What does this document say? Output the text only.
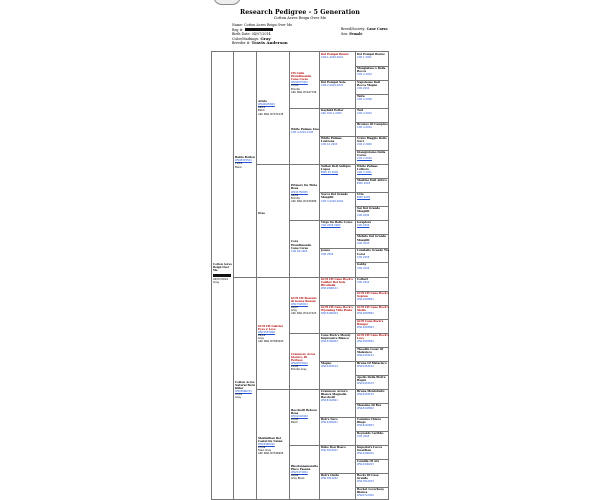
Research Pedigree - 5 Generation
Cotton Acres Reign Over Me
Name: Cotton Acres Reign Over Me
Reg #:
Birth Date: 04/07/2014
Color/Markings: Gray
Breeder #: Travis Anderson
Breed/Society: Cane Corso
Sex: Female
Cotton Acres Reign Over Me
04/07/2014
Gray
Baldo Rotten
WS48315501
11/16
Black
Cotton Acres Natural Born Killer
WS43866701
07/01
Gray
Aristo
WS40625603
06/10
Black
AKC DNA #V571045
Orso
GCH CH Gabriel Eyes 2 Love
WS21567008
05/10
Gray
AKC DNA #V584493
Maximilian Del Castel De Natan
WS24982202
07/09
Fawn Gray
AKC DNA #V546905
CH Calle Prendimonde Cane Corso
WS30637401
07/09
Brindle
AKC DNA #V447799
White Palmas Lisa
CCR 4-2019-1228
Primero De Tinta Rosa
WS30756005
04/09
Brindle
AKC DNA #V430489
Cora Prendimonde Cane Corso
CCR 04-2005
GCH CH Bossuto di Genoa Bonsai
WS17926001
03/07
Gray
AKC DNA #V417423
Cranmore Acres Glenroy Di Pertuso
WS26975001
10/08
Brindle Gray
Bacchelli Rebora Rosa
WS31002402
07/08
Black
Rhodonnamaralla Pisco Fasana
WS25471901
05/08
Gray Black
Del Pompei Bonus
CCR-1-2004-0021
Del Pompei Sole
CCR-2-2004-0022
Kayfield Potter
AKC CCR 1-2003
White Palmas Lustrous
CCR 10 2003
Sultan Dell Antique Lupoz
ENCI 05 2004
Norca Del Grande Muspilli
CCR 3-2016-2002
Virgo De Bello Corso
CCR 2006 0082
Jonna
CCR 2004
GCH CH Cane Rock's Caliber Del Sole Rivoltella
WS11896101
GCH CH Cane Rock's Wyoming Villa Ponte
WS13296404
Cane Rock's Merely Impressive Bianca
WS13309904
Magno
WS10453104
Cranmore Acres's Bianca Magnolia Bacchelli
WS18102801
Bob's Nero
WS14406201
Duke Don Bosco
WS17813201
Bob's Linda
WS17813202
Del Pompei Bonus
CCR 1 2001
Mangiafuoco Della Rocca
CCR 2-2001
Napoleone Dell Rocca Magno
CCR 2002
Taira
CCR 2-2000
Turi
CCR 3-2001
Brontes Of Campino
CCR 4-2001
Ursus Maggio Delle Nevi
CCR 2 2000
Giangrolamo Della Corea
CCR 2-2001
White Palmas Luthoro
CCR 3 2001
Mastino Dell Antico
ENCI 2003
Utta
ENCI 2003
Sar Del Grande Muspilli
CCR 2002
Ieraptera
CCR 2004
Mefisto Del Grande Muspilli
CCR 2003
Lumbello Grande Tra Corsi
CCR 2005
Gabby
CCR 2004
Colbert
CCR 2004
GCH CH Cane Rock's Sopran
WS11893801
GCH CH Cane Rock's Stella
WS11893802
GCH Cane Rock's Ranger
WS11893803
GCH CH Cane Rock's Lucy
WS11893804
Theodin Cesar Of Malavisco
WS10453101
Bruna Of Malavisco
WS10453102
Apollo Della Pietra Ragni
WS10453103
Bruna Montebello
WS10453105
Massimo Di Rex
WS18102802
Carmina Chiara Rings
WS18102803
Reynolds Caribbo
CCR 2005
Imperial's Lucca Guardian
WS14406202
Camilla Of Arx
WS14406203
Rocky Di Casa Grande
WS17813203
Rocket Loverbouy Bianca
WS20712302
